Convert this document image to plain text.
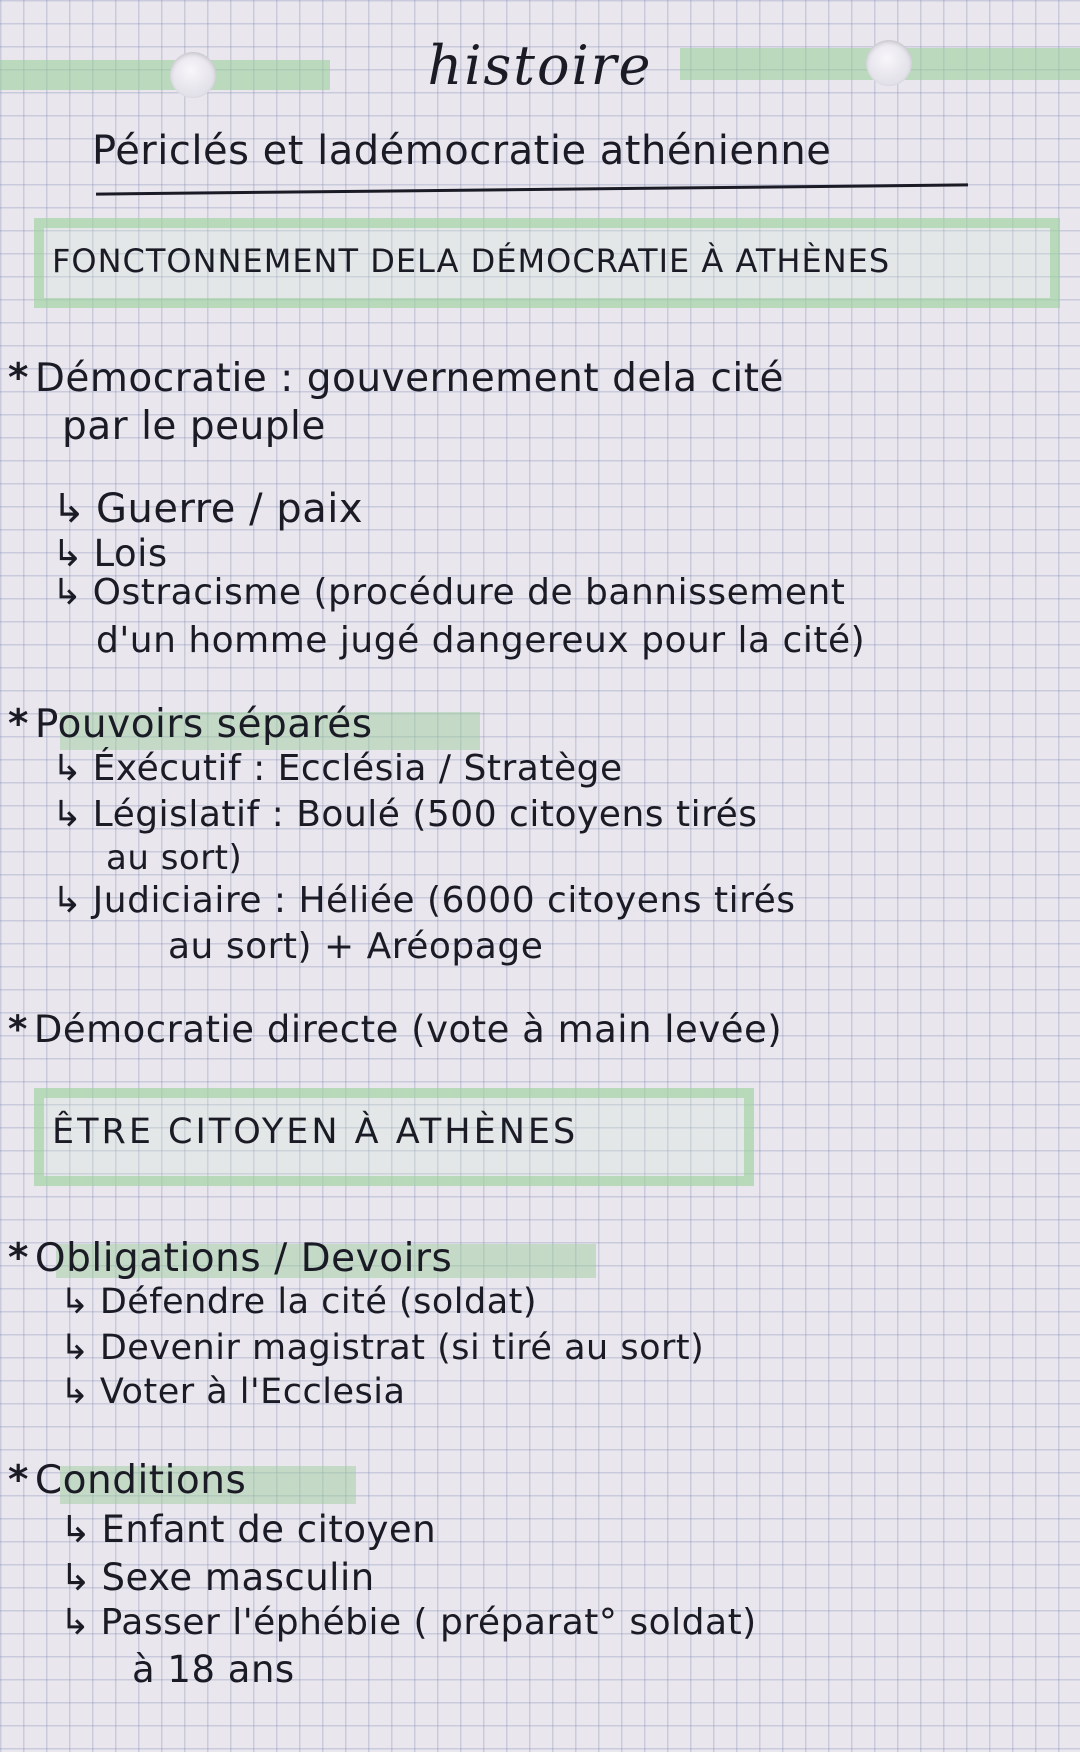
histoire
Périclés et ladémocratie athénienne
FONCTONNEMENT DELA DÉMOCRATIE À ATHÈNES
* Démocratie : gouvernement dela cité
par le peuple
↳ Guerre / paix
↳ Lois
↳ Ostracisme (procédure de bannissement
d'un homme jugé dangereux pour la cité)
* Pouvoirs séparés
↳ Éxécutif : Ecclésia / Stratège
↳ Législatif : Boulé (500 citoyens tirés
au sort)
↳ Judiciaire : Héliée (6000 citoyens tirés
au sort) + Aréopage
* Démocratie directe (vote à main levée)
ÊTRE CITOYEN À ATHÈNES
* Obligations / Devoirs
↳ Défendre la cité (soldat)
↳ Devenir magistrat (si tiré au sort)
↳ Voter à l'Ecclesia
* Conditions
↳ Enfant de citoyen
↳ Sexe masculin
↳ Passer l'éphébie ( préparat° soldat)
à 18 ans
